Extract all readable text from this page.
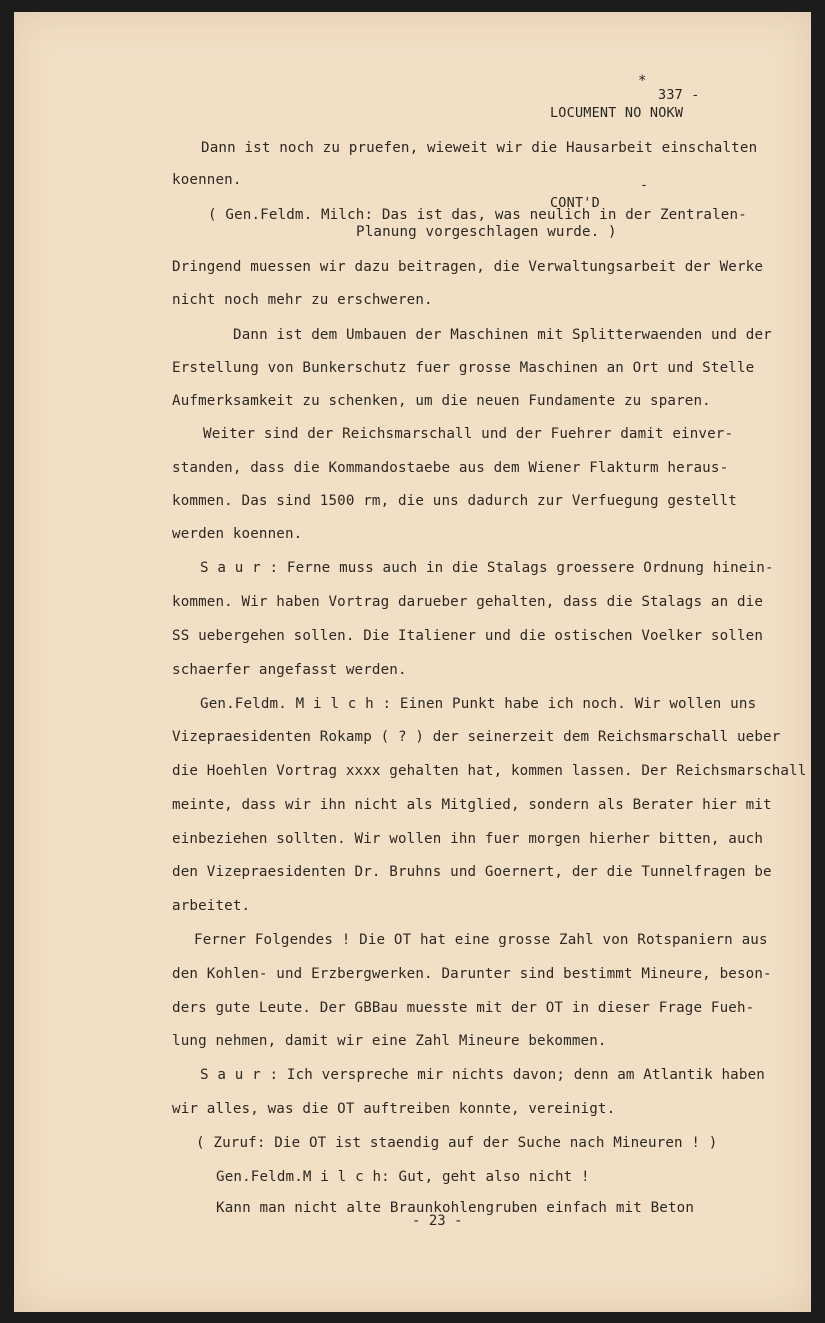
LOCUMENT NO NOKW

*

337 -

CONT'D

-

Dann ist noch zu pruefen, wieweit wir die Hausarbeit einschalten
koennen.
( Gen.Feldm. Milch: Das ist das, was neulich in der Zentralen-
Planung vorgeschlagen wurde. )
Dringend muessen wir dazu beitragen, die Verwaltungsarbeit der Werke
nicht noch mehr zu erschweren.
Dann ist dem Umbauen der Maschinen mit Splitterwaenden und der
Erstellung von Bunkerschutz fuer grosse Maschinen an Ort und Stelle
Aufmerksamkeit zu schenken, um die neuen Fundamente zu sparen.
Weiter sind der Reichsmarschall und der Fuehrer damit einver-
standen, dass die Kommandostaebe aus dem Wiener Flakturm heraus-
kommen. Das sind 1500 rm, die uns dadurch zur Verfuegung gestellt
werden koennen.
S a u r : Ferne muss auch in die Stalags groessere Ordnung hinein-
kommen. Wir haben Vortrag darueber gehalten, dass die Stalags an die
SS uebergehen sollen. Die Italiener und die ostischen Voelker sollen
schaerfer angefasst werden.
Gen.Feldm. M i l c h : Einen Punkt habe ich noch. Wir wollen uns
Vizepraesidenten Rokamp ( ? ) der seinerzeit dem Reichsmarschall ueber
die Hoehlen Vortrag xxxx gehalten hat, kommen lassen. Der Reichsmarschall
meinte, dass wir ihn nicht als Mitglied, sondern als Berater hier mit
einbeziehen sollten. Wir wollen ihn fuer morgen hierher bitten, auch
den Vizepraesidenten Dr. Bruhns und Goernert, der die Tunnelfragen be
arbeitet.
Ferner Folgendes ! Die OT hat eine grosse Zahl von Rotspaniern aus
den Kohlen- und Erzbergwerken. Darunter sind bestimmt Mineure, beson-
ders gute Leute. Der GBBau muesste mit der OT in dieser Frage Fueh-
lung nehmen, damit wir eine Zahl Mineure bekommen.
S a u r : Ich verspreche mir nichts davon; denn am Atlantik haben
wir alles, was die OT auftreiben konnte, vereinigt.
( Zuruf: Die OT ist staendig auf der Suche nach Mineuren ! )
Gen.Feldm.M i l c h: Gut, geht also nicht !
Kann man nicht alte Braunkohlengruben einfach mit Beton
- 23 -
